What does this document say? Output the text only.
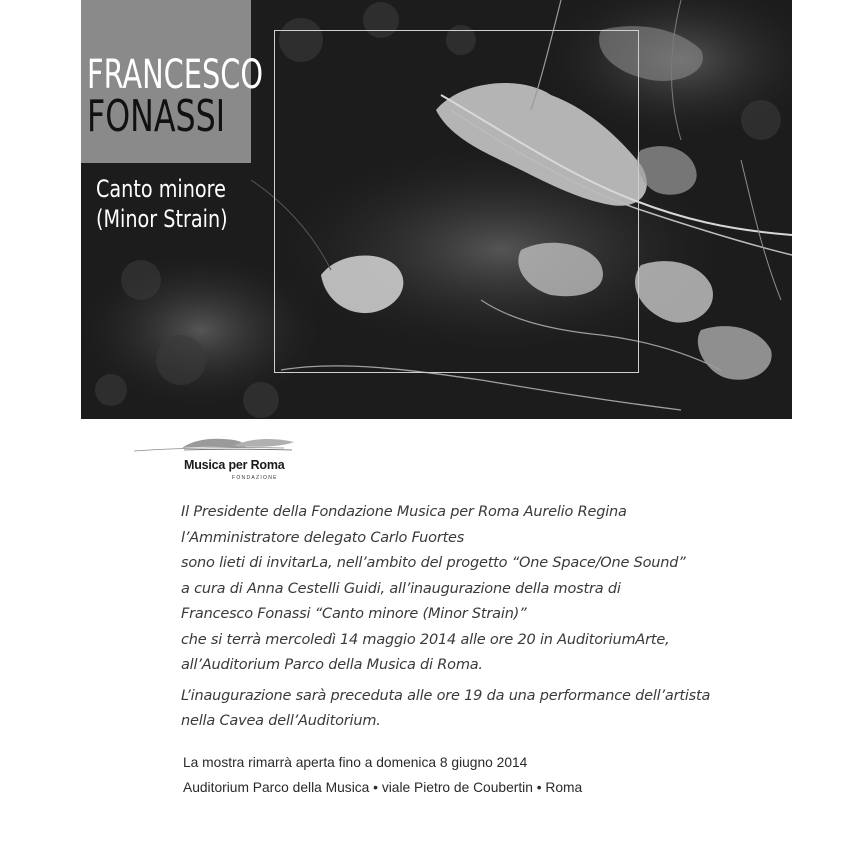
FRANCESCO
FONASSI
Canto minore
(Minor Strain)
Musica per Roma
FONDAZIONE
Il Presidente della Fondazione Musica per Roma Aurelio Regina
l’Amministratore delegato Carlo Fuortes
sono lieti di invitarLa, nell’ambito del progetto “One Space/One Sound”
a cura di Anna Cestelli Guidi, all’inaugurazione della mostra di
Francesco Fonassi “Canto minore (Minor Strain)”
che si terrà mercoledì 14 maggio 2014 alle ore 20 in AuditoriumArte,
all’Auditorium Parco della Musica di Roma.
L’inaugurazione sarà preceduta alle ore 19 da una performance dell’artista
nella Cavea dell’Auditorium.
La mostra rimarrà aperta fino a domenica 8 giugno 2014
Auditorium Parco della Musica • viale Pietro de Coubertin • Roma
